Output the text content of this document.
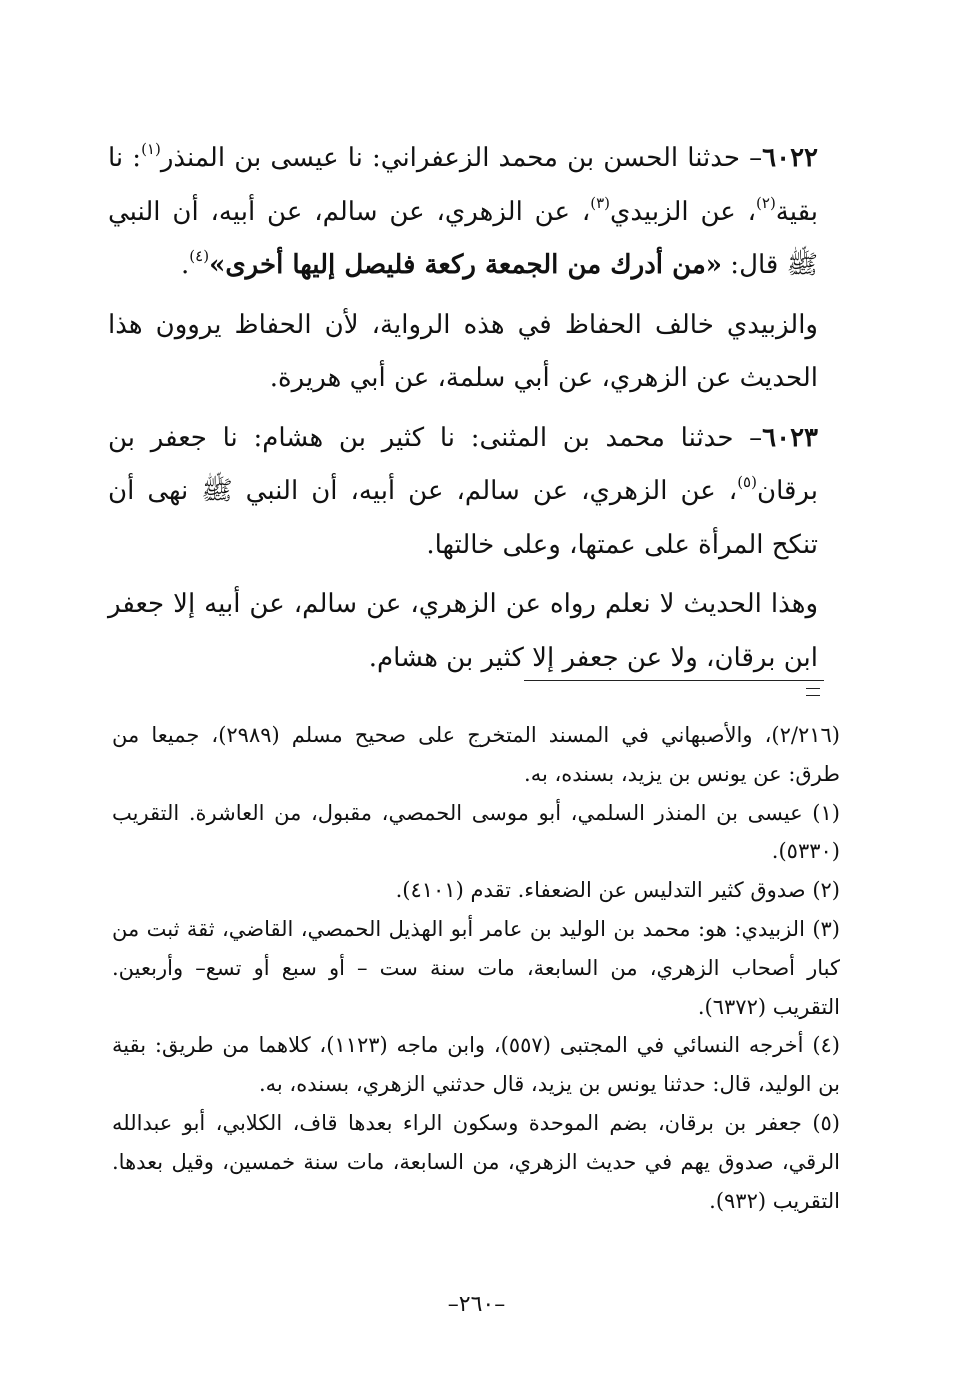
٦٠٢٢– حدثنا الحسن بن محمد الزعفراني: نا عيسى بن المنذر$^{(١)}$: نا بقية$^{(٢)}$، عن الزبيدي$^{(٣)}$، عن الزهري، عن سالم، عن أبيه، أن النبي ﷺ قال: «من أدرك من الجمعة ركعة فليصل إليها أخرى»$^{(٤)}$.

والزبيدي خالف الحفاظ في هذه الرواية، لأن الحفاظ يروون هذا الحديث عن الزهري، عن أبي سلمة، عن أبي هريرة.

٦٠٢٣– حدثنا محمد بن المثنى: نا كثير بن هشام: نا جعفر بن برقان$^{(٥)}$، عن الزهري، عن سالم، عن أبيه، أن النبي ﷺ نهى أن تنكح المرأة على عمتها، وعلى خالتها.

وهذا الحديث لا نعلم رواه عن الزهري، عن سالم، عن أبيه إلا جعفر ابن برقان، ولا عن جعفر إلا كثير بن هشام.

(٢/٢١٦)، والأصبهاني في المسند المتخرج على صحيح مسلم (٢٩٨٩)، جميعا من طرق: عن يونس بن يزيد، بسنده، به.

(١) عيسى بن المنذر السلمي، أبو موسى الحمصي، مقبول، من العاشرة. التقريب (٥٣٣٠).

(٢) صدوق كثير التدليس عن الضعفاء. تقدم (٤١٠١).

(٣) الزبيدي: هو: محمد بن الوليد بن عامر أبو الهذيل الحمصي، القاضي، ثقة ثبت من كبار أصحاب الزهري، من السابعة، مات سنة ست – أو سبع أو تسع– وأربعين. التقريب (٦٣٧٢).

(٤) أخرجه النسائي في المجتبى (٥٥٧)، وابن ماجه (١١٢٣)، كلاهما من طريق: بقية بن الوليد، قال: حدثنا يونس بن يزيد، قال حدثني الزهري، بسنده، به.

(٥) جعفر بن برقان، بضم الموحدة وسكون الراء بعدها قاف، الكلابي، أبو عبدالله الرقي، صدوق يهم في حديث الزهري، من السابعة، مات سنة خمسين، وقيل بعدها. التقريب (٩٣٢).

–٢٦٠–
